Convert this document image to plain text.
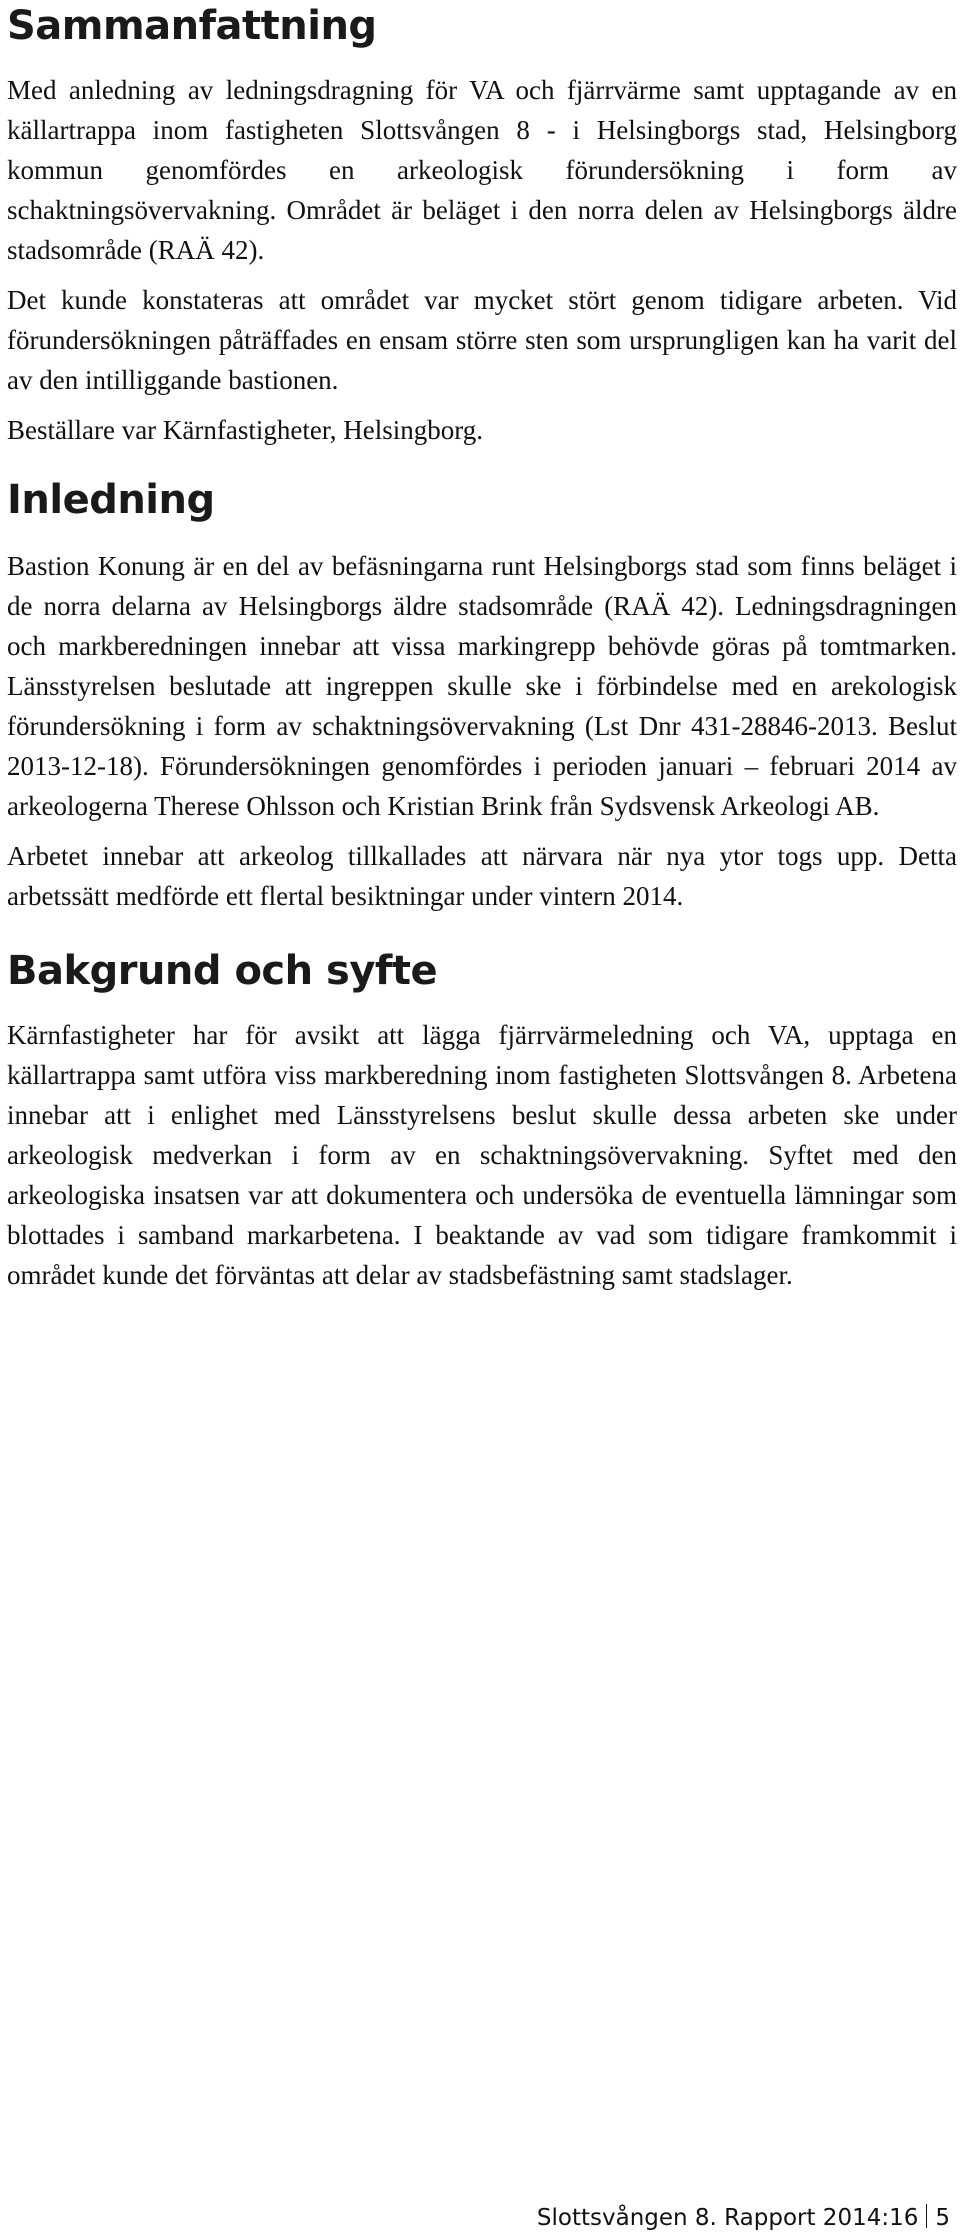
Sammanfattning

Med anledning av ledningsdragning för VA och fjärrvärme samt upptagande av en källartrappa inom fastigheten Slottsvången 8 - i Helsingborgs stad, Helsingborg kommun genomfördes en arkeologisk förundersökning i form av schaktningsövervakning. Området är beläget i den norra delen av Helsingborgs äldre stadsområde (RAÄ 42).

Det kunde konstateras att området var mycket stört genom tidigare arbeten. Vid förundersökningen påträffades en ensam större sten som ursprungligen kan ha varit del av den intilliggande bastionen.

Beställare var Kärnfastigheter, Helsingborg.

Inledning

Bastion Konung är en del av befäsningarna runt Helsingborgs stad som finns beläget i de norra delarna av Helsingborgs äldre stadsområde (RAÄ 42). Ledningsdragningen och markberedningen innebar att vissa markingrepp behövde göras på tomtmarken. Länsstyrelsen beslutade att ingreppen skulle ske i förbindelse med en arekologisk förundersökning i form av schaktningsövervakning (Lst Dnr 431-28846-2013. Beslut 2013-12-18). Förundersökningen genomfördes i perioden januari – februari 2014 av arkeologerna Therese Ohlsson och Kristian Brink från Sydsvensk Arkeologi AB.

Arbetet innebar att arkeolog tillkallades att närvara när nya ytor togs upp. Detta arbetssätt medförde ett flertal besiktningar under vintern 2014.

Bakgrund och syfte

Kärnfastigheter har för avsikt att lägga fjärrvärmeledning och VA, upptaga en källartrappa samt utföra viss markberedning inom fastigheten Slottsvången 8. Arbetena innebar att i enlighet med Länsstyrelsens beslut skulle dessa arbeten ske under arkeologisk medverkan i form av en schaktningsövervakning. Syftet med den arkeologiska insatsen var att dokumentera och undersöka de eventuella lämningar som blottades i samband markarbetena. I beaktande av vad som tidigare framkommit i området kunde det förväntas att delar av stadsbefästning samt stadslager.

Slottsvången 8. Rapport 2014:16 5
